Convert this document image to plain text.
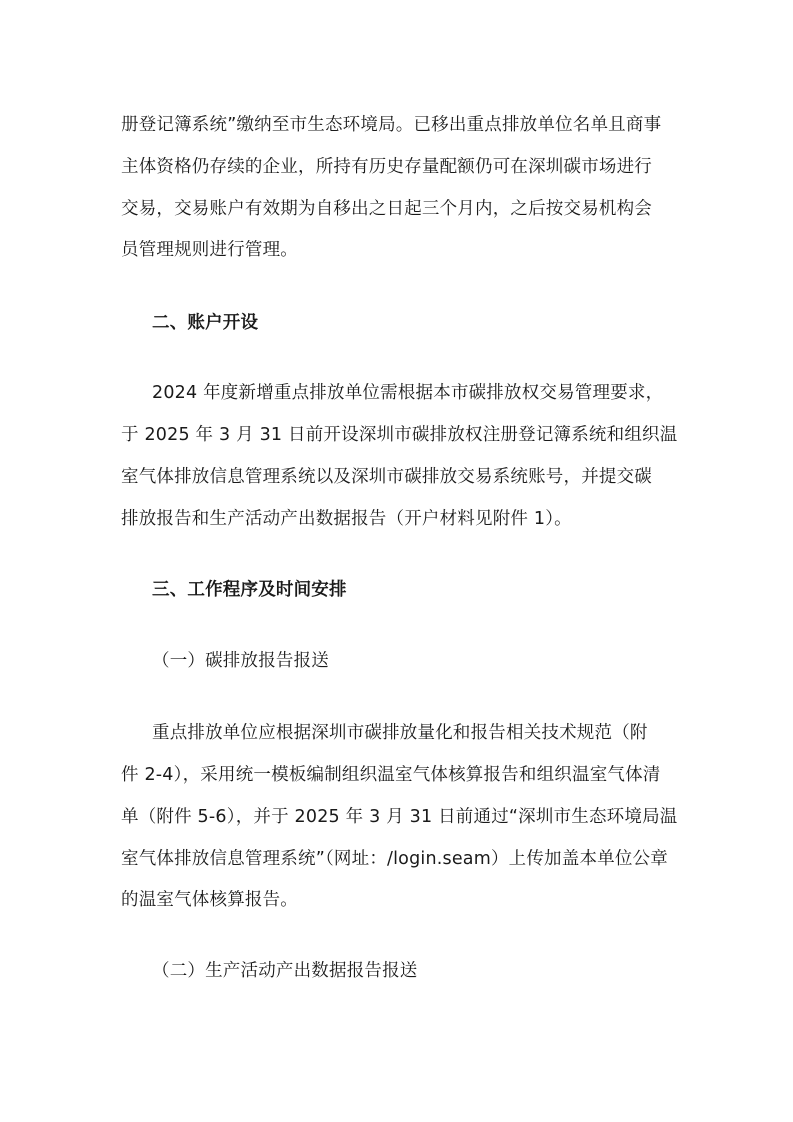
册登记簿系统”缴纳至市生态环境局。已移出重点排放单位名单且商事
主体资格仍存续的企业，所持有历史存量配额仍可在深圳碳市场进行
交易，交易账户有效期为自移出之日起三个月内，之后按交易机构会
员管理规则进行管理。
二、账户开设
2024 年度新增重点排放单位需根据本市碳排放权交易管理要求，
于 2025 年 3 月 31 日前开设深圳市碳排放权注册登记簿系统和组织温
室气体排放信息管理系统以及深圳市碳排放交易系统账号，并提交碳
排放报告和生产活动产出数据报告（开户材料见附件 1）。
三、工作程序及时间安排
（一）碳排放报告报送
重点排放单位应根据深圳市碳排放量化和报告相关技术规范（附
件 2-4），采用统一模板编制组织温室气体核算报告和组织温室气体清
单（附件 5-6），并于 2025 年 3 月 31 日前通过“深圳市生态环境局温
室气体排放信息管理系统”（网址：/login.seam）上传加盖本单位公章
的温室气体核算报告。
（二）生产活动产出数据报告报送
